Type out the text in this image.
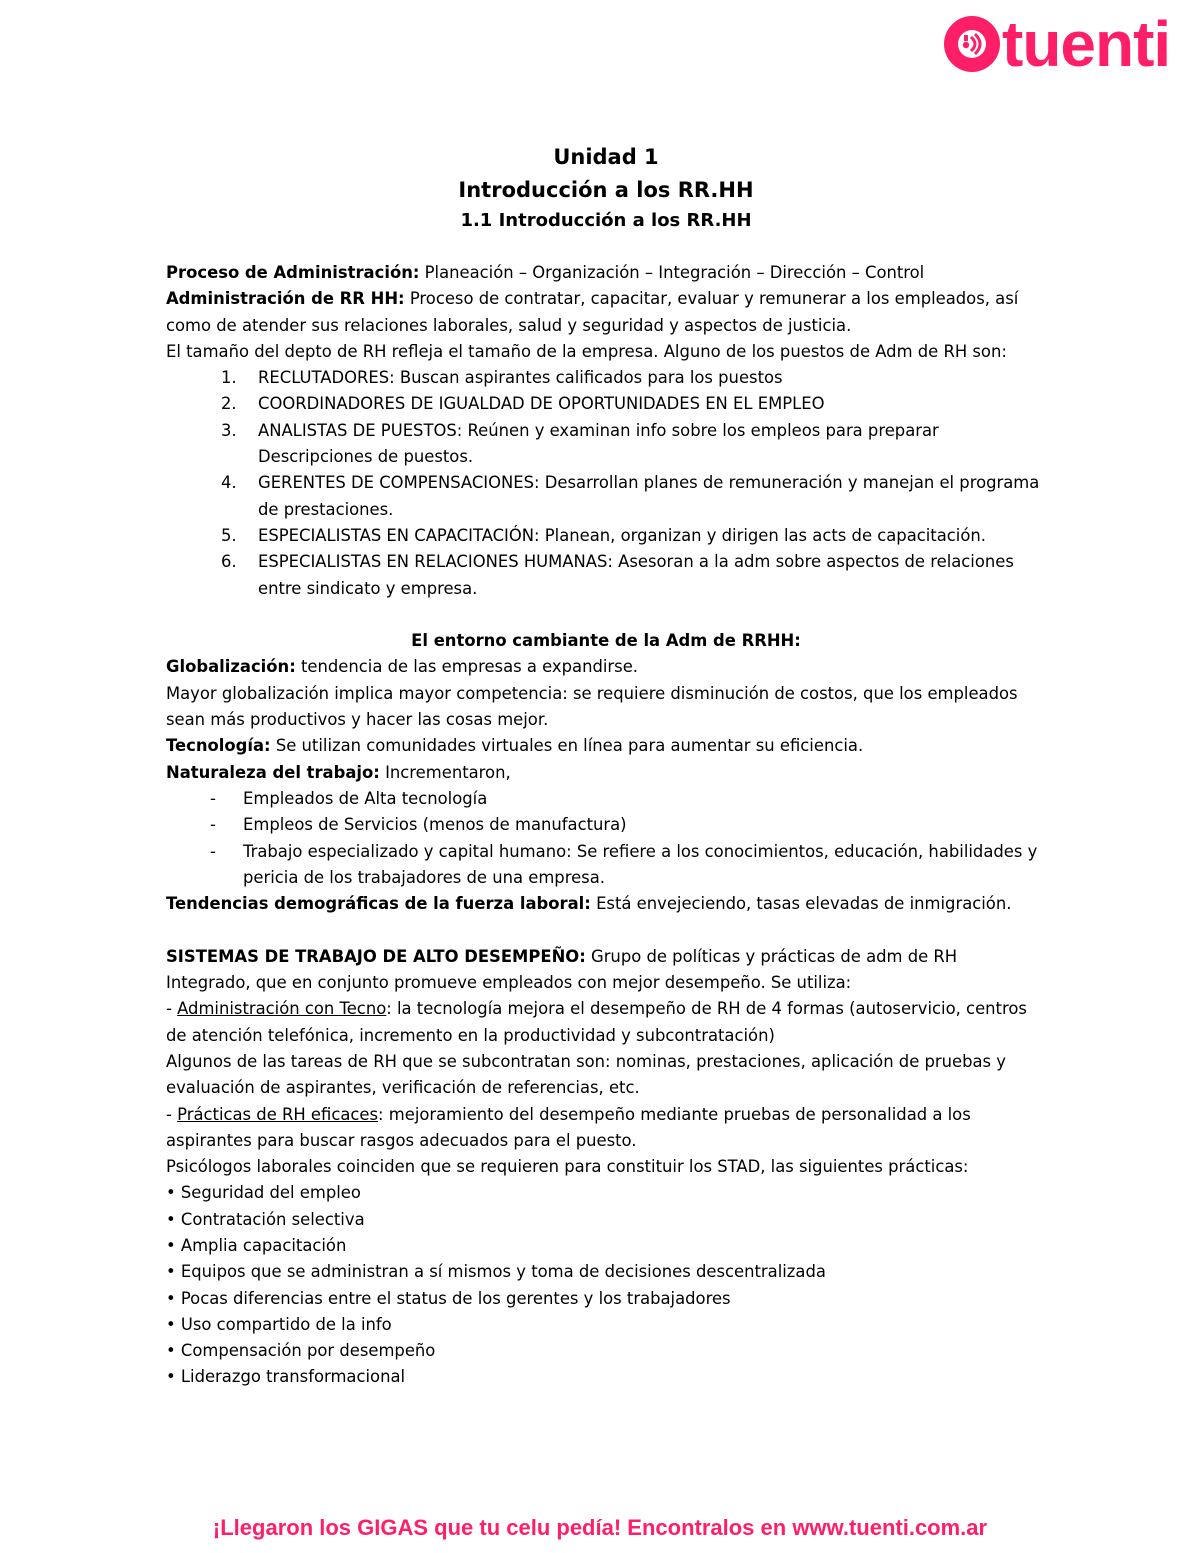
tuenti
Unidad 1
Introducción a los RR.HH
1.1 Introducción a los RR.HH

Proceso de Administración: Planeación – Organización – Integración – Dirección – Control

Administración de RR HH: Proceso de contratar, capacitar, evaluar y remunerar a los empleados, así como de atender sus relaciones laborales, salud y seguridad y aspectos de justicia.

El tamaño del depto de RH refleja el tamaño de la empresa. Alguno de los puestos de Adm de RH son:

1. RECLUTADORES: Buscan aspirantes calificados para los puestos
2. COORDINADORES DE IGUALDAD DE OPORTUNIDADES EN EL EMPLEO
3. ANALISTAS DE PUESTOS: Reúnen y examinan info sobre los empleos para preparar Descripciones de puestos.
4. GERENTES DE COMPENSACIONES: Desarrollan planes de remuneración y manejan el programa de prestaciones.
5. ESPECIALISTAS EN CAPACITACIÓN: Planean, organizan y dirigen las acts de capacitación.
6. ESPECIALISTAS EN RELACIONES HUMANAS: Asesoran a la adm sobre aspectos de relaciones entre sindicato y empresa.

El entorno cambiante de la Adm de RRHH:

Globalización: tendencia de las empresas a expandirse.

Mayor globalización implica mayor competencia: se requiere disminución de costos, que los empleados sean más productivos y hacer las cosas mejor.

Tecnología: Se utilizan comunidades virtuales en línea para aumentar su eficiencia.

Naturaleza del trabajo: Incrementaron,

- Empleados de Alta tecnología
- Empleos de Servicios (menos de manufactura)
- Trabajo especializado y capital humano: Se refiere a los conocimientos, educación, habilidades y pericia de los trabajadores de una empresa.

Tendencias demográficas de la fuerza laboral: Está envejeciendo, tasas elevadas de inmigración.

SISTEMAS DE TRABAJO DE ALTO DESEMPEÑO: Grupo de políticas y prácticas de adm de RH Integrado, que en conjunto promueve empleados con mejor desempeño. Se utiliza:

- Administración con Tecno: la tecnología mejora el desempeño de RH de 4 formas (autoservicio, centros de atención telefónica, incremento en la productividad y subcontratación)

Algunos de las tareas de RH que se subcontratan son: nominas, prestaciones, aplicación de pruebas y evaluación de aspirantes, verificación de referencias, etc.

- Prácticas de RH eficaces: mejoramiento del desempeño mediante pruebas de personalidad a los aspirantes para buscar rasgos adecuados para el puesto.

Psicólogos laborales coinciden que se requieren para constituir los STAD, las siguientes prácticas:

• Seguridad del empleo
• Contratación selectiva
• Amplia capacitación
• Equipos que se administran a sí mismos y toma de decisiones descentralizada
• Pocas diferencias entre el status de los gerentes y los trabajadores
• Uso compartido de la info
• Compensación por desempeño
• Liderazgo transformacional
¡Llegaron los GIGAS que tu celu pedía! Encontralos en www.tuenti.com.ar
